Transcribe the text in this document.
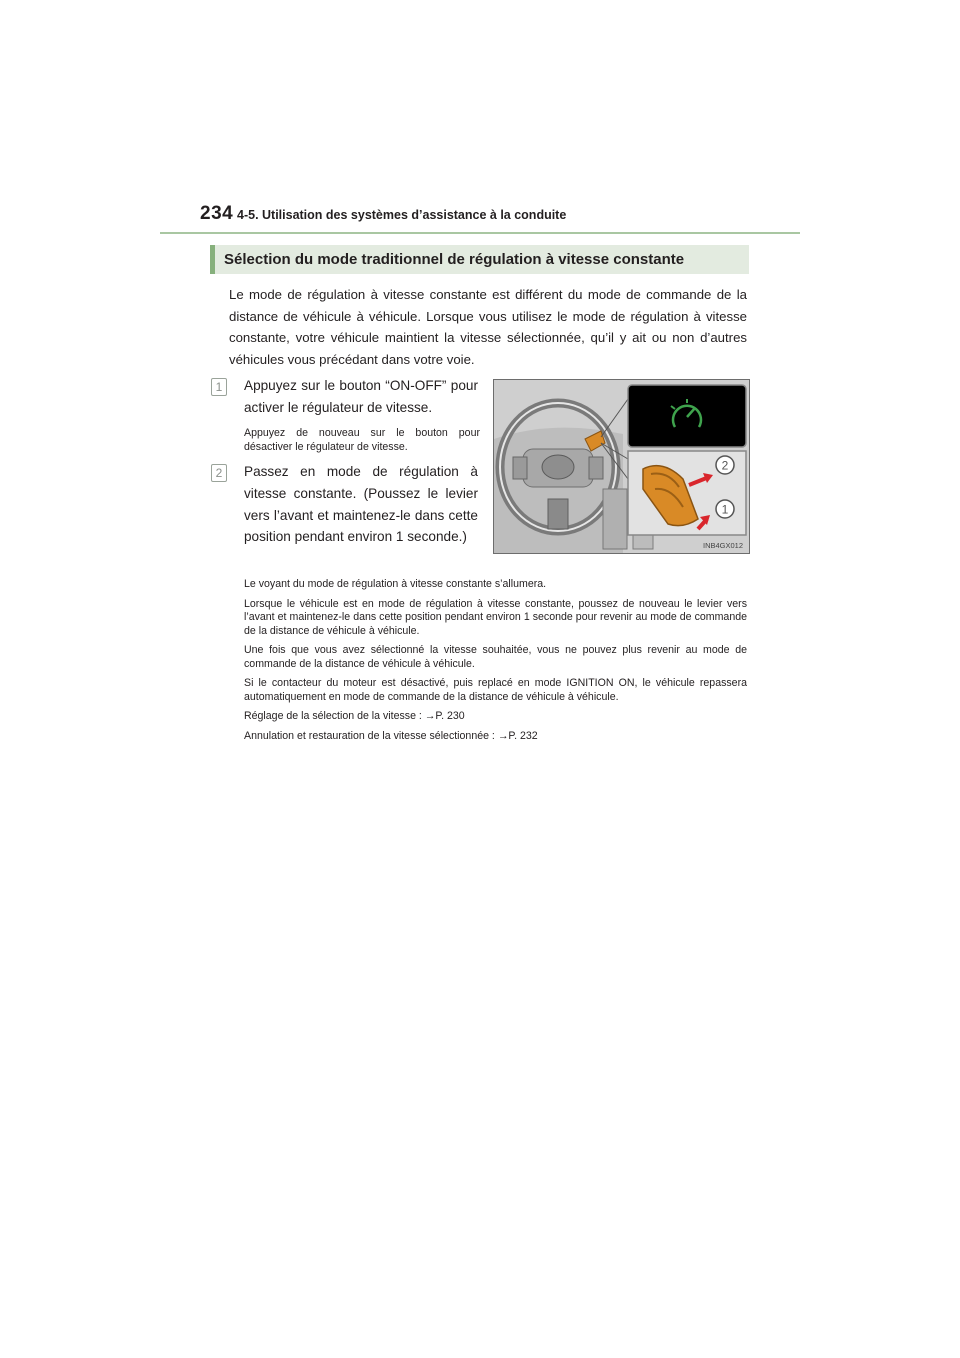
234 4-5. Utilisation des systèmes d’assistance à la conduite
Sélection du mode traditionnel de régulation à vitesse constante
Le mode de régulation à vitesse constante est différent du mode de commande de la distance de véhicule à véhicule. Lorsque vous utilisez le mode de régulation à vitesse constante, votre véhicule maintient la vitesse sélectionnée, qu’il y ait ou non d’autres véhicules vous précédant dans votre voie.
1	Appuyez sur le bouton “ON-OFF” pour activer le régulateur de vitesse.
Appuyez de nouveau sur le bouton pour désactiver le régulateur de vitesse.
2	Passez en mode de régulation à vitesse constante. (Poussez le levier vers l’avant et maintenez-le dans cette position pendant environ 1 seconde.)
2
1
INB4GX012

Le voyant du mode de régulation à vitesse constante s’allumera.

Lorsque le véhicule est en mode de régulation à vitesse constante, poussez de nouveau le levier vers l’avant et maintenez-le dans cette position pendant environ 1 seconde pour revenir au mode de commande de la distance de véhicule à véhicule.

Une fois que vous avez sélectionné la vitesse souhaitée, vous ne pouvez plus revenir au mode de commande de la distance de véhicule à véhicule.

Si le contacteur du moteur est désactivé, puis replacé en mode IGNITION ON, le véhicule repassera automatiquement en mode de commande de la distance de véhicule à véhicule.

Réglage de la sélection de la vitesse : →P. 230

Annulation et restauration de la vitesse sélectionnée : →P. 232
